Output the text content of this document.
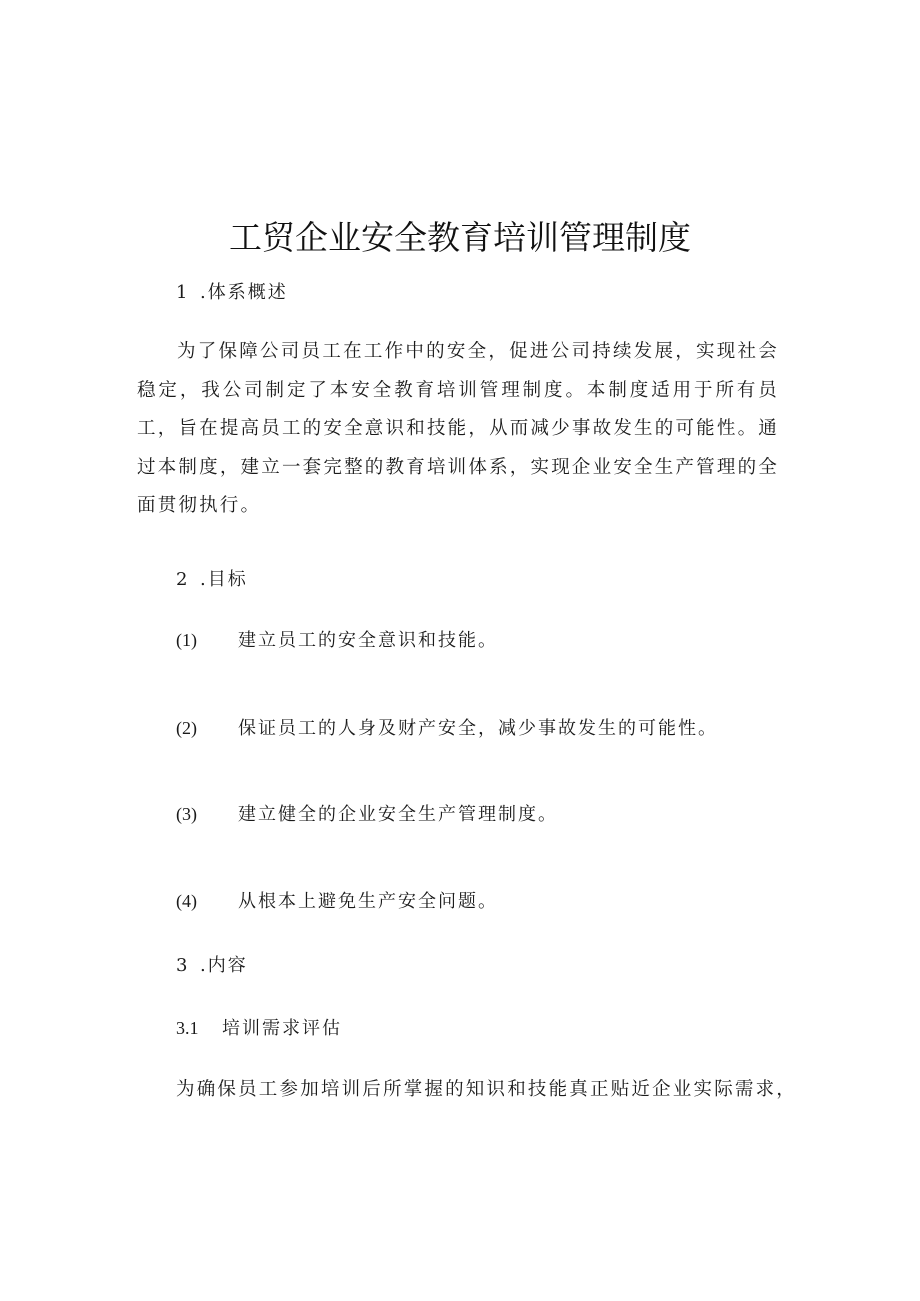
工贸企业安全教育培训管理制度
1 .体系概述
为了保障公司员工在工作中的安全，促进公司持续发展，实现社会稳定，我公司制定了本安全教育培训管理制度。本制度适用于所有员工，旨在提高员工的安全意识和技能，从而减少事故发生的可能性。通过本制度，建立一套完整的教育培训体系，实现企业安全生产管理的全面贯彻执行。
2 .目标
(1) 建立员工的安全意识和技能。
(2) 保证员工的人身及财产安全，减少事故发生的可能性。
(3) 建立健全的企业安全生产管理制度。
(4) 从根本上避免生产安全问题。
3 .内容
3.1 培训需求评估
为确保员工参加培训后所掌握的知识和技能真正贴近企业实际需求，
